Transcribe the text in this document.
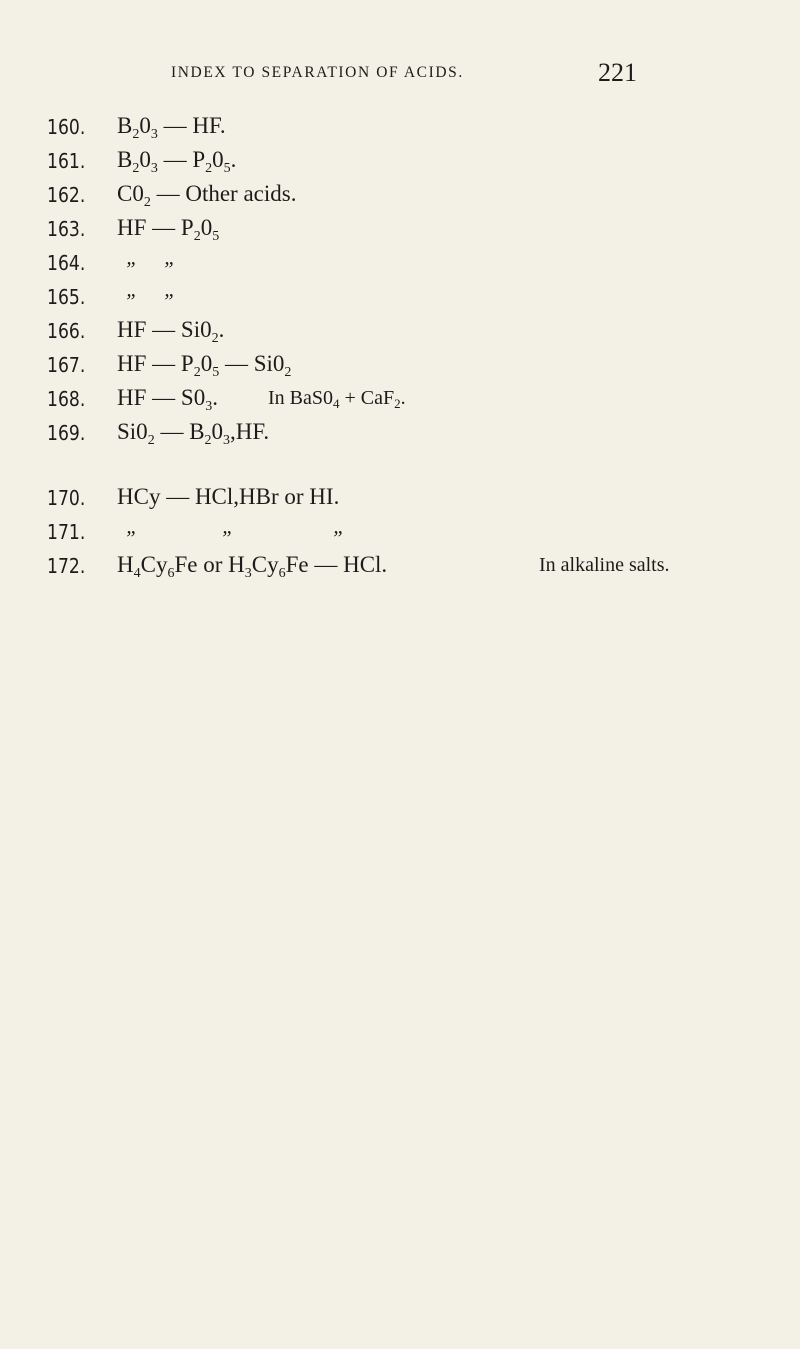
INDEX TO SEPARATION OF ACIDS.	221
160. $B_20_3$ — HF.
161. $B_20_3$ — $P_20_5$.
162. $C0_2$ — Other acids.
163. HF — $P_20_5$
164. ” ”
165. ” ”
166. HF — $Si0_2$.
167. HF — $P_20_5$ — $Si0_2$
168. HF — $S0_3$.	In $BaS0_4 + CaF_2$.
169. $Si0_2$ — $B_20_3,HF$.
170. HCy — HCl,HBr or HI.
171. ”	”	”
172. $H_4Cy_6Fe$ or $H_3Cy_6Fe$ — HCl.	In alkaline salts.
